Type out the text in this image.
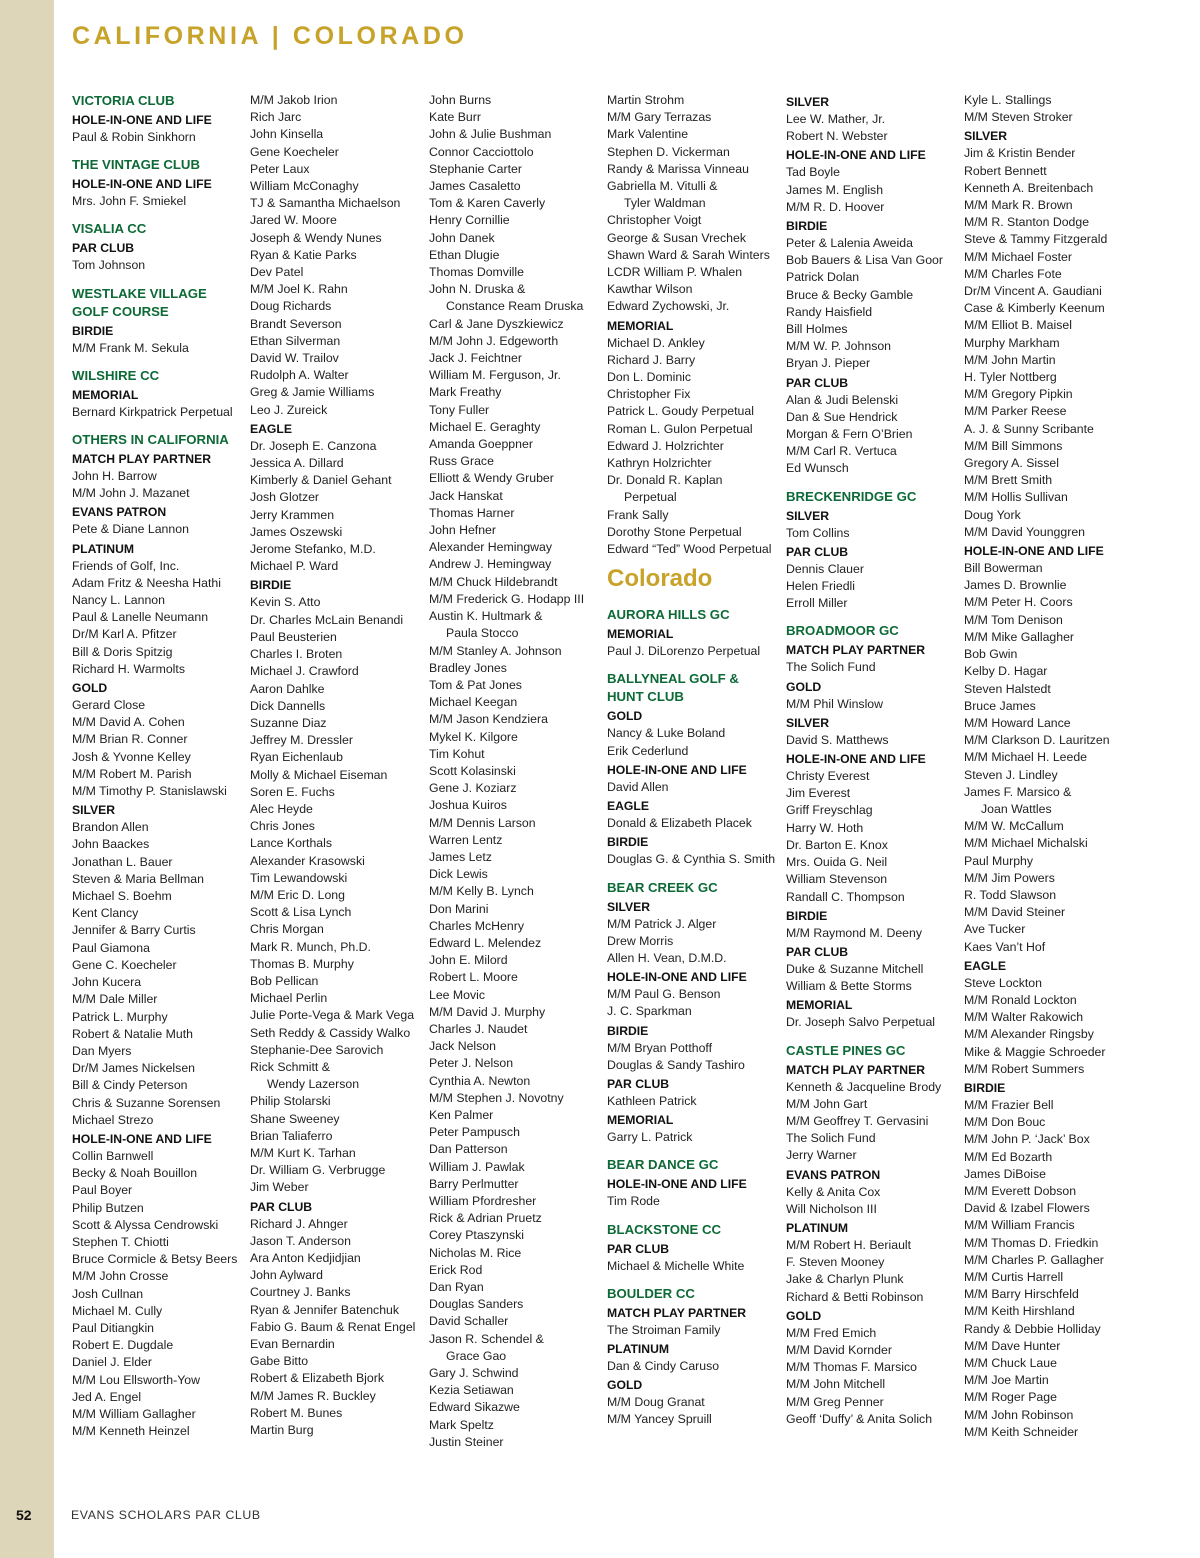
CALIFORNIA | COLORADO
VICTORIA CLUB
HOLE-IN-ONE AND LIFE
Paul & Robin Sinkhorn
THE VINTAGE CLUB
HOLE-IN-ONE AND LIFE
Mrs. John F. Smiekel
VISALIA CC
PAR CLUB
Tom Johnson
WESTLAKE VILLAGE
GOLF COURSE
BIRDIE
M/M Frank M. Sekula
WILSHIRE CC
MEMORIAL
Bernard Kirkpatrick Perpetual
OTHERS IN CALIFORNIA
MATCH PLAY PARTNER
John H. Barrow
M/M John J. Mazanet
EVANS PATRON
Pete & Diane Lannon
PLATINUM
Friends of Golf, Inc.
Adam Fritz & Neesha Hathi
Nancy L. Lannon
Paul & Lanelle Neumann
Dr/M Karl A. Pfitzer
Bill & Doris Spitzig
Richard H. Warmolts
GOLD
Gerard Close
M/M David A. Cohen
M/M Brian R. Conner
Josh & Yvonne Kelley
M/M Robert M. Parish
M/M Timothy P. Stanislawski
SILVER
Brandon Allen
John Baackes
Jonathan L. Bauer
Steven & Maria Bellman
Michael S. Boehm
Kent Clancy
Jennifer & Barry Curtis
Paul Giamona
Gene C. Koecheler
John Kucera
M/M Dale Miller
Patrick L. Murphy
Robert & Natalie Muth
Dan Myers
Dr/M James Nickelsen
Bill & Cindy Peterson
Chris & Suzanne Sorensen
Michael Strezo
HOLE-IN-ONE AND LIFE
Collin Barnwell
Becky & Noah Bouillon
Paul Boyer
Philip Butzen
Scott & Alyssa Cendrowski
Stephen T. Chiotti
Bruce Cormicle & Betsy Beers
M/M John Crosse
Josh Cullnan
Michael M. Cully
Paul Ditiangkin
Robert E. Dugdale
Daniel J. Elder
M/M Lou Ellsworth-Yow
Jed A. Engel
M/M William Gallagher
M/M Kenneth Heinzel
M/M Jakob Irion
Rich Jarc
John Kinsella
Gene Koecheler
Peter Laux
William McConaghy
TJ & Samantha Michaelson
Jared W. Moore
Joseph & Wendy Nunes
Ryan & Katie Parks
Dev Patel
M/M Joel K. Rahn
Doug Richards
Brandt Severson
Ethan Silverman
David W. Trailov
Rudolph A. Walter
Greg & Jamie Williams
Leo J. Zureick
EAGLE
Dr. Joseph E. Canzona
Jessica A. Dillard
Kimberly & Daniel Gehant
Josh Glotzer
Jerry Krammen
James Oszewski
Jerome Stefanko, M.D.
Michael P. Ward
BIRDIE
Kevin S. Atto
Dr. Charles McLain Benandi
Paul Beusterien
Charles I. Broten
Michael J. Crawford
Aaron Dahlke
Dick Dannells
Suzanne Diaz
Jeffrey M. Dressler
Ryan Eichenlaub
Molly & Michael Eiseman
Soren E. Fuchs
Alec Heyde
Chris Jones
Lance Korthals
Alexander Krasowski
Tim Lewandowski
M/M Eric D. Long
Scott & Lisa Lynch
Chris Morgan
Mark R. Munch, Ph.D.
Thomas B. Murphy
Bob Pellican
Michael Perlin
Julie Porte-Vega & Mark Vega
Seth Reddy & Cassidy Walko
Stephanie-Dee Sarovich
Rick Schmitt &
Wendy Lazerson
Philip Stolarski
Shane Sweeney
Brian Taliaferro
M/M Kurt K. Tarhan
Dr. William G. Verbrugge
Jim Weber
PAR CLUB
Richard J. Ahnger
Jason T. Anderson
Ara Anton Kedjidjian
John Aylward
Courtney J. Banks
Ryan & Jennifer Batenchuk
Fabio G. Baum & Renat Engel
Evan Bernardin
Gabe Bitto
Robert & Elizabeth Bjork
M/M James R. Buckley
Robert M. Bunes
Martin Burg
John Burns
Kate Burr
John & Julie Bushman
Connor Cacciottolo
Stephanie Carter
James Casaletto
Tom & Karen Caverly
Henry Cornillie
John Danek
Ethan Dlugie
Thomas Domville
John N. Druska &
Constance Ream Druska
Carl & Jane Dyszkiewicz
M/M John J. Edgeworth
Jack J. Feichtner
William M. Ferguson, Jr.
Mark Freathy
Tony Fuller
Michael E. Geraghty
Amanda Goeppner
Russ Grace
Elliott & Wendy Gruber
Jack Hanskat
Thomas Harner
John Hefner
Alexander Hemingway
Andrew J. Hemingway
M/M Chuck Hildebrandt
M/M Frederick G. Hodapp III
Austin K. Hultmark &
Paula Stocco
M/M Stanley A. Johnson
Bradley Jones
Tom & Pat Jones
Michael Keegan
M/M Jason Kendziera
Mykel K. Kilgore
Tim Kohut
Scott Kolasinski
Gene J. Koziarz
Joshua Kuiros
M/M Dennis Larson
Warren Lentz
James Letz
Dick Lewis
M/M Kelly B. Lynch
Don Marini
Charles McHenry
Edward L. Melendez
John E. Milord
Robert L. Moore
Lee Movic
M/M David J. Murphy
Charles J. Naudet
Jack Nelson
Peter J. Nelson
Cynthia A. Newton
M/M Stephen J. Novotny
Ken Palmer
Peter Pampusch
Dan Patterson
William J. Pawlak
Barry Perlmutter
William Pfordresher
Rick & Adrian Pruetz
Corey Ptaszynski
Nicholas M. Rice
Erick Rod
Dan Ryan
Douglas Sanders
David Schaller
Jason R. Schendel &
Grace Gao
Gary J. Schwind
Kezia Setiawan
Edward Sikazwe
Mark Speltz
Justin Steiner
Martin Strohm
M/M Gary Terrazas
Mark Valentine
Stephen D. Vickerman
Randy & Marissa Vinneau
Gabriella M. Vitulli &
Tyler Waldman
Christopher Voigt
George & Susan Vrechek
Shawn Ward & Sarah Winters
LCDR William P. Whalen
Kawthar Wilson
Edward Zychowski, Jr.
MEMORIAL
Michael D. Ankley
Richard J. Barry
Don L. Dominic
Christopher Fix
Patrick L. Goudy Perpetual
Roman L. Gulon Perpetual
Edward J. Holzrichter
Kathryn Holzrichter
Dr. Donald R. Kaplan
Perpetual
Frank Sally
Dorothy Stone Perpetual
Edward “Ted” Wood Perpetual
Colorado
AURORA HILLS GC
MEMORIAL
Paul J. DiLorenzo Perpetual
BALLYNEAL GOLF &
HUNT CLUB
GOLD
Nancy & Luke Boland
Erik Cederlund
HOLE-IN-ONE AND LIFE
David Allen
EAGLE
Donald & Elizabeth Placek
BIRDIE
Douglas G. & Cynthia S. Smith
BEAR CREEK GC
SILVER
M/M Patrick J. Alger
Drew Morris
Allen H. Vean, D.M.D.
HOLE-IN-ONE AND LIFE
M/M Paul G. Benson
J. C. Sparkman
BIRDIE
M/M Bryan Potthoff
Douglas & Sandy Tashiro
PAR CLUB
Kathleen Patrick
MEMORIAL
Garry L. Patrick
BEAR DANCE GC
HOLE-IN-ONE AND LIFE
Tim Rode
BLACKSTONE CC
PAR CLUB
Michael & Michelle White
BOULDER CC
MATCH PLAY PARTNER
The Stroiman Family
PLATINUM
Dan & Cindy Caruso
GOLD
M/M Doug Granat
M/M Yancey Spruill
SILVER
Lee W. Mather, Jr.
Robert N. Webster
HOLE-IN-ONE AND LIFE
Tad Boyle
James M. English
M/M R. D. Hoover
BIRDIE
Peter & Lalenia Aweida
Bob Bauers & Lisa Van Goor
Patrick Dolan
Bruce & Becky Gamble
Randy Haisfield
Bill Holmes
M/M W. P. Johnson
Bryan J. Pieper
PAR CLUB
Alan & Judi Belenski
Dan & Sue Hendrick
Morgan & Fern O’Brien
M/M Carl R. Vertuca
Ed Wunsch
BRECKENRIDGE GC
SILVER
Tom Collins
PAR CLUB
Dennis Clauer
Helen Friedli
Erroll Miller
BROADMOOR GC
MATCH PLAY PARTNER
The Solich Fund
GOLD
M/M Phil Winslow
SILVER
David S. Matthews
HOLE-IN-ONE AND LIFE
Christy Everest
Jim Everest
Griff Freyschlag
Harry W. Hoth
Dr. Barton E. Knox
Mrs. Ouida G. Neil
William Stevenson
Randall C. Thompson
BIRDIE
M/M Raymond M. Deeny
PAR CLUB
Duke & Suzanne Mitchell
William & Bette Storms
MEMORIAL
Dr. Joseph Salvo Perpetual
CASTLE PINES GC
MATCH PLAY PARTNER
Kenneth & Jacqueline Brody
M/M John Gart
M/M Geoffrey T. Gervasini
The Solich Fund
Jerry Warner
EVANS PATRON
Kelly & Anita Cox
Will Nicholson III
PLATINUM
M/M Robert H. Beriault
F. Steven Mooney
Jake & Charlyn Plunk
Richard & Betti Robinson
GOLD
M/M Fred Emich
M/M David Kornder
M/M Thomas F. Marsico
M/M John Mitchell
M/M Greg Penner
Geoff ‘Duffy’ & Anita Solich
Kyle L. Stallings
M/M Steven Stroker
SILVER
Jim & Kristin Bender
Robert Bennett
Kenneth A. Breitenbach
M/M Mark R. Brown
M/M R. Stanton Dodge
Steve & Tammy Fitzgerald
M/M Michael Foster
M/M Charles Fote
Dr/M Vincent A. Gaudiani
Case & Kimberly Keenum
M/M Elliot B. Maisel
Murphy Markham
M/M John Martin
H. Tyler Nottberg
M/M Gregory Pipkin
M/M Parker Reese
A. J. & Sunny Scribante
M/M Bill Simmons
Gregory A. Sissel
M/M Brett Smith
M/M Hollis Sullivan
Doug York
M/M David Younggren
HOLE-IN-ONE AND LIFE
Bill Bowerman
James D. Brownlie
M/M Peter H. Coors
M/M Tom Denison
M/M Mike Gallagher
Bob Gwin
Kelby D. Hagar
Steven Halstedt
Bruce James
M/M Howard Lance
M/M Clarkson D. Lauritzen
M/M Michael H. Leede
Steven J. Lindley
James F. Marsico &
Joan Wattles
M/M W. McCallum
M/M Michael Michalski
Paul Murphy
M/M Jim Powers
R. Todd Slawson
M/M David Steiner
Ave Tucker
Kaes Van’t Hof
EAGLE
Steve Lockton
M/M Ronald Lockton
M/M Walter Rakowich
M/M Alexander Ringsby
Mike & Maggie Schroeder
M/M Robert Summers
BIRDIE
M/M Frazier Bell
M/M Don Bouc
M/M John P. ‘Jack’ Box
M/M Ed Bozarth
James DiBoise
M/M Everett Dobson
David & Izabel Flowers
M/M William Francis
M/M Thomas D. Friedkin
M/M Charles P. Gallagher
M/M Curtis Harrell
M/M Barry Hirschfeld
M/M Keith Hirshland
Randy & Debbie Holliday
M/M Dave Hunter
M/M Chuck Laue
M/M Joe Martin
M/M Roger Page
M/M John Robinson
M/M Keith Schneider
52	EVANS SCHOLARS PAR CLUB
